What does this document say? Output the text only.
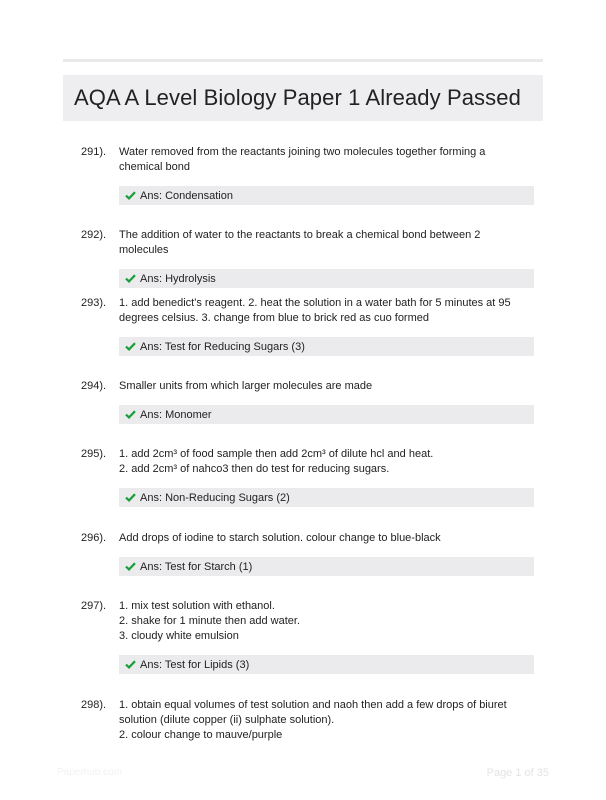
AQA A Level Biology Paper 1 Already Passed
291).	Water removed from the reactants joining two molecules together forming a chemical bond
Ans: Condensation
292).	The addition of water to the reactants to break a chemical bond between 2 molecules
Ans: Hydrolysis
293).	1. add benedict's reagent. 2. heat the solution in a water bath for 5 minutes at 95 degrees celsius. 3. change from blue to brick red as cuo formed
Ans: Test for Reducing Sugars (3)
294).	Smaller units from which larger molecules are made
Ans: Monomer
295).	1. add 2cm³ of food sample then add 2cm³ of dilute hcl and heat.
2. add 2cm³ of nahco3 then do test for reducing sugars.
Ans: Non-Reducing Sugars (2)
296).	Add drops of iodine to starch solution. colour change to blue-black
Ans: Test for Starch (1)
297).	1. mix test solution with ethanol.
2. shake for 1 minute then add water.
3. cloudy white emulsion
Ans: Test for Lipids (3)
298).	1. obtain equal volumes of test solution and naoh then add a few drops of biuret solution (dilute copper (ii) sulphate solution).
2. colour change to mauve/purple
Paperhub.com	Page 1 of 35
